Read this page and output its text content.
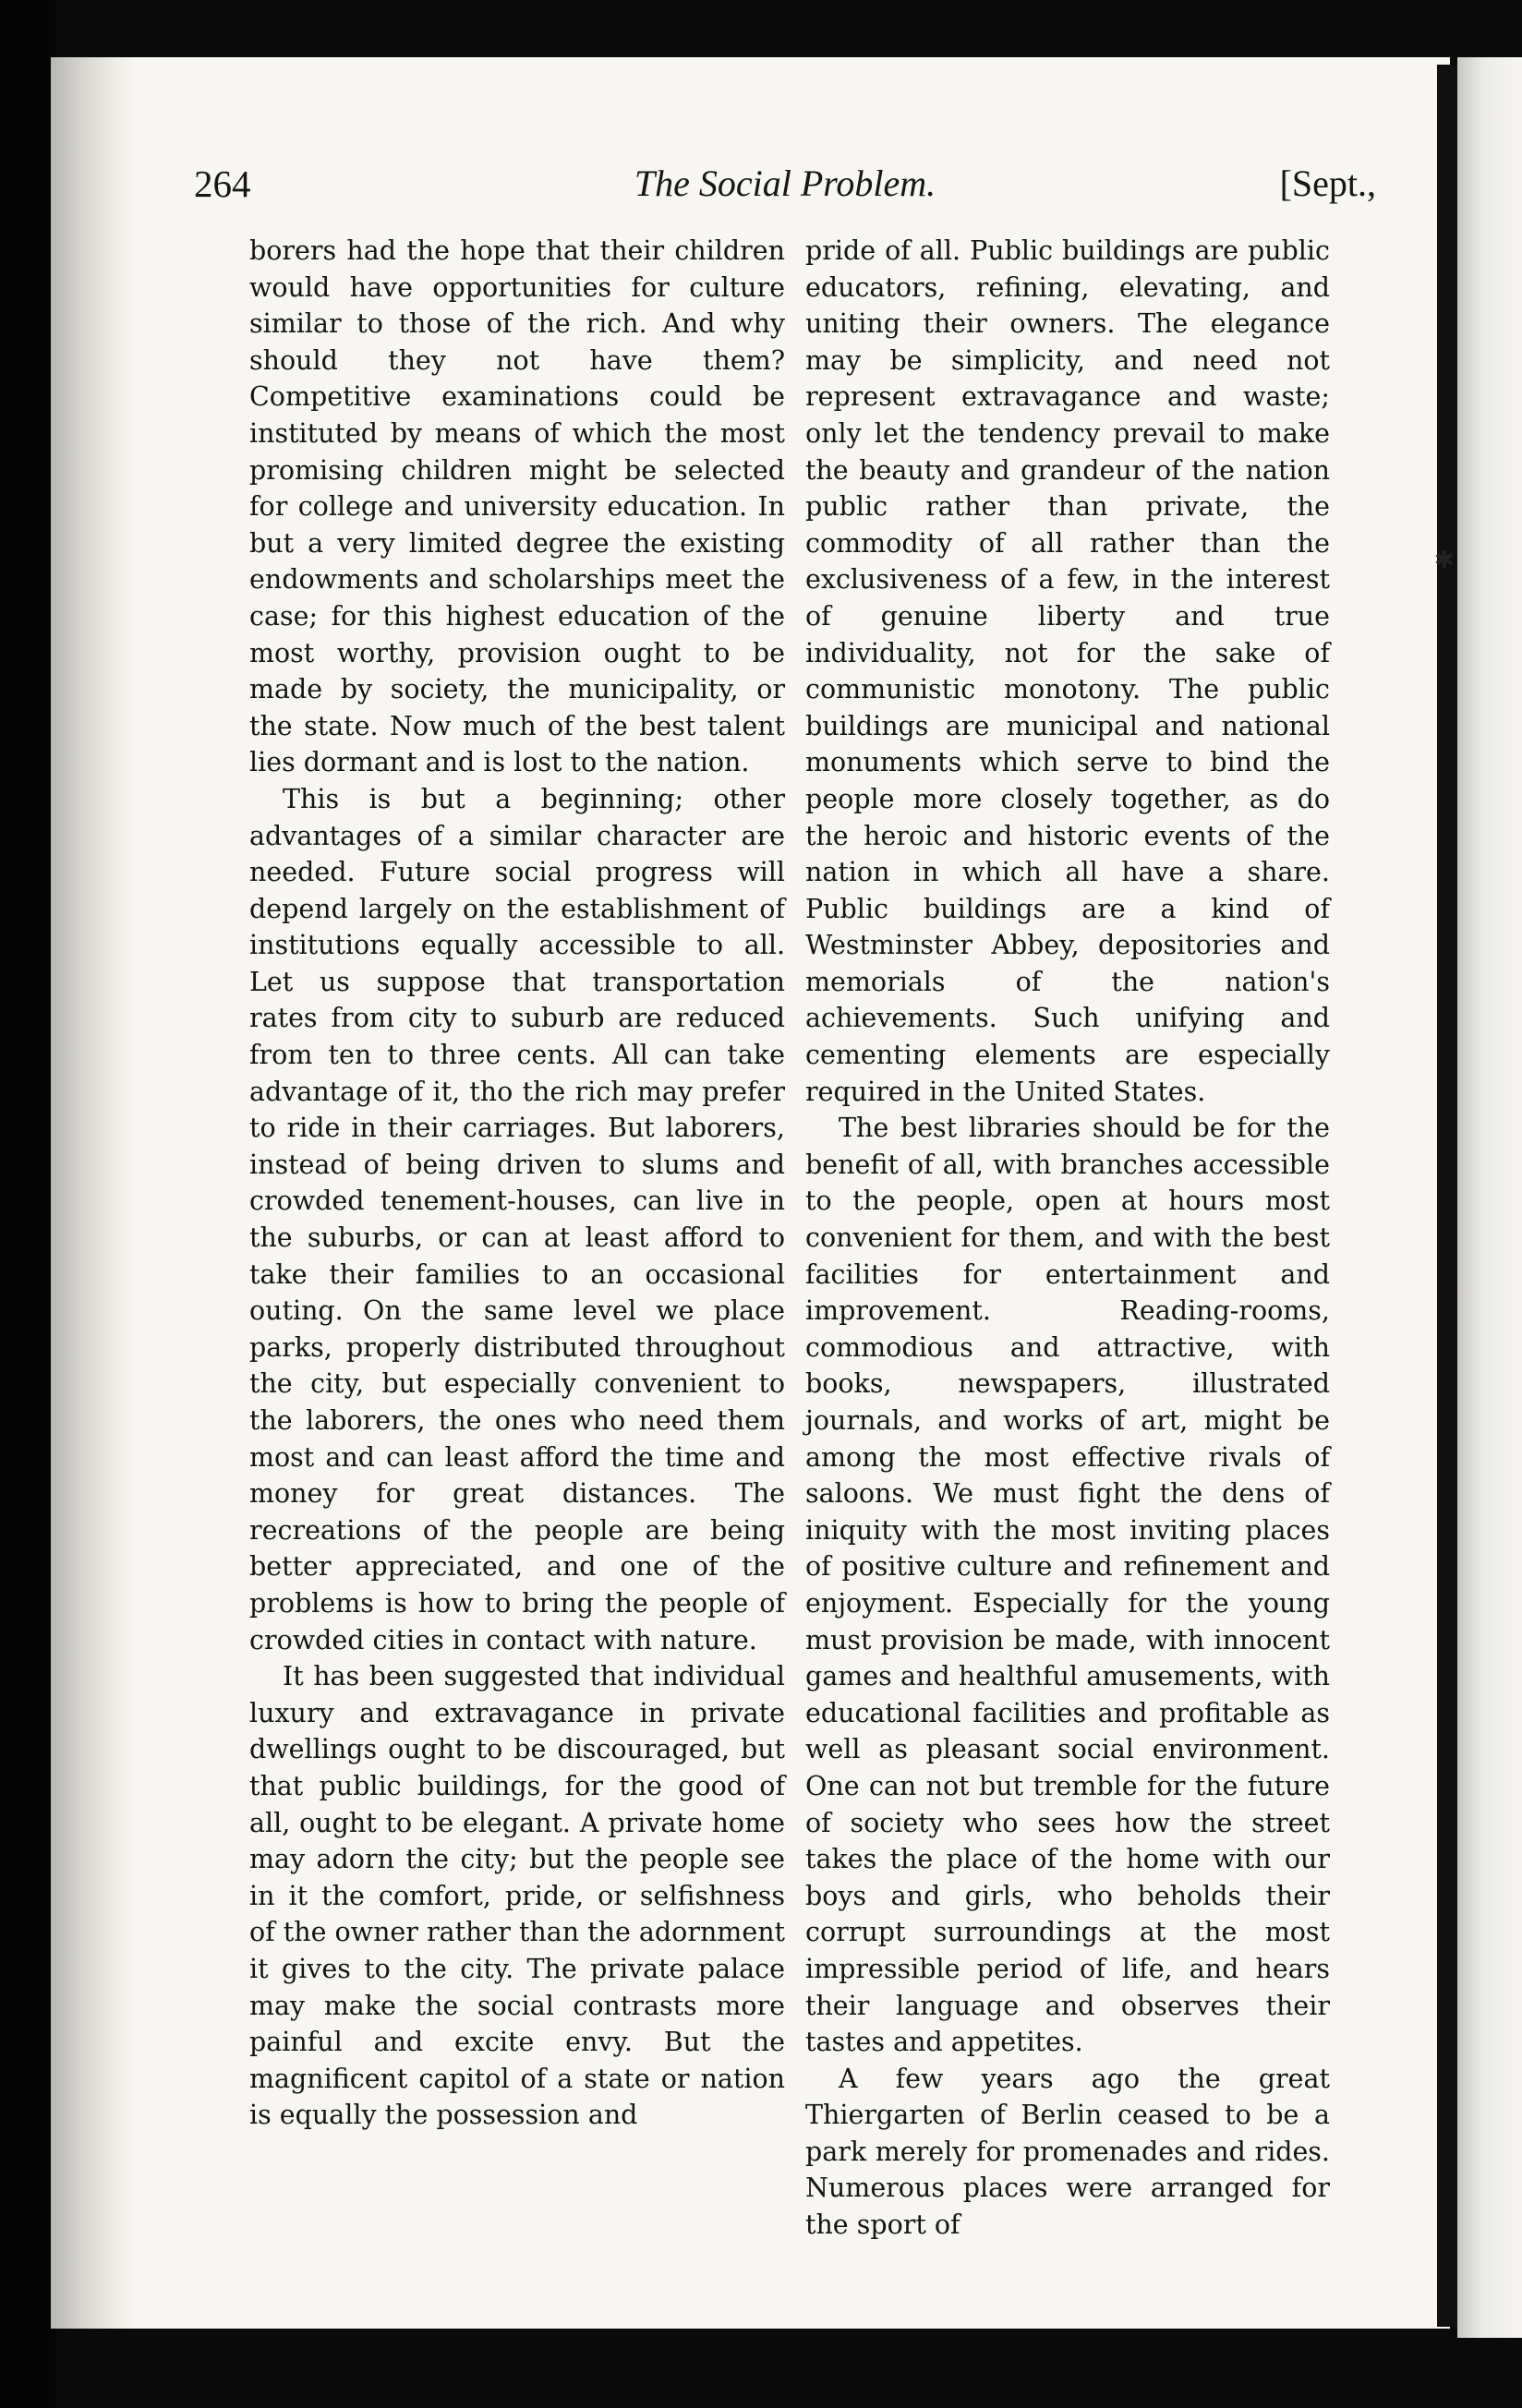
264	The Social Problem.	[Sept.,

borers had the hope that their children would have opportunities for culture similar to those of the rich. And why should they not have them? Competitive examinations could be instituted by means of which the most promising children might be selected for college and university education. In but a very limited degree the existing endowments and scholarships meet the case; for this highest education of the most worthy, provision ought to be made by society, the municipality, or the state. Now much of the best talent lies dormant and is lost to the nation.

This is but a beginning; other advantages of a similar character are needed. Future social progress will depend largely on the establishment of institutions equally accessible to all. Let us suppose that transportation rates from city to suburb are reduced from ten to three cents. All can take advantage of it, tho the rich may prefer to ride in their carriages. But laborers, instead of being driven to slums and crowded tenement-houses, can live in the suburbs, or can at least afford to take their families to an occasional outing. On the same level we place parks, properly distributed throughout the city, but especially convenient to the laborers, the ones who need them most and can least afford the time and money for great distances. The recreations of the people are being better appreciated, and one of the problems is how to bring the people of crowded cities in contact with nature.

It has been suggested that individual luxury and extravagance in private dwellings ought to be discouraged, but that public buildings, for the good of all, ought to be elegant. A private home may adorn the city; but the people see in it the comfort, pride, or selfishness of the owner rather than the adornment it gives to the city. The private palace may make the social contrasts more painful and excite envy. But the magnificent capitol of a state or nation is equally the possession and

pride of all. Public buildings are public educators, refining, elevating, and uniting their owners. The elegance may be simplicity, and need not represent extravagance and waste; only let the tendency prevail to make the beauty and grandeur of the nation public rather than private, the commodity of all rather than the exclusiveness of a few, in the interest of genuine liberty and true individuality, not for the sake of communistic monotony. The public buildings are municipal and national monuments which serve to bind the people more closely together, as do the heroic and historic events of the nation in which all have a share. Public buildings are a kind of Westminster Abbey, depositories and memorials of the nation's achievements. Such unifying and cementing elements are especially required in the United States.

The best libraries should be for the benefit of all, with branches accessible to the people, open at hours most convenient for them, and with the best facilities for entertainment and improvement. Reading-rooms, commodious and attractive, with books, newspapers, illustrated journals, and works of art, might be among the most effective rivals of saloons. We must fight the dens of iniquity with the most inviting places of positive culture and refinement and enjoyment. Especially for the young must provision be made, with innocent games and healthful amusements, with educational facilities and profitable as well as pleasant social environment. One can not but tremble for the future of society who sees how the street takes the place of the home with our boys and girls, who beholds their corrupt surroundings at the most impressible period of life, and hears their language and observes their tastes and appetites.

A few years ago the great Thiergarten of Berlin ceased to be a park merely for promenades and rides. Numerous places were arranged for the sport of

✱
